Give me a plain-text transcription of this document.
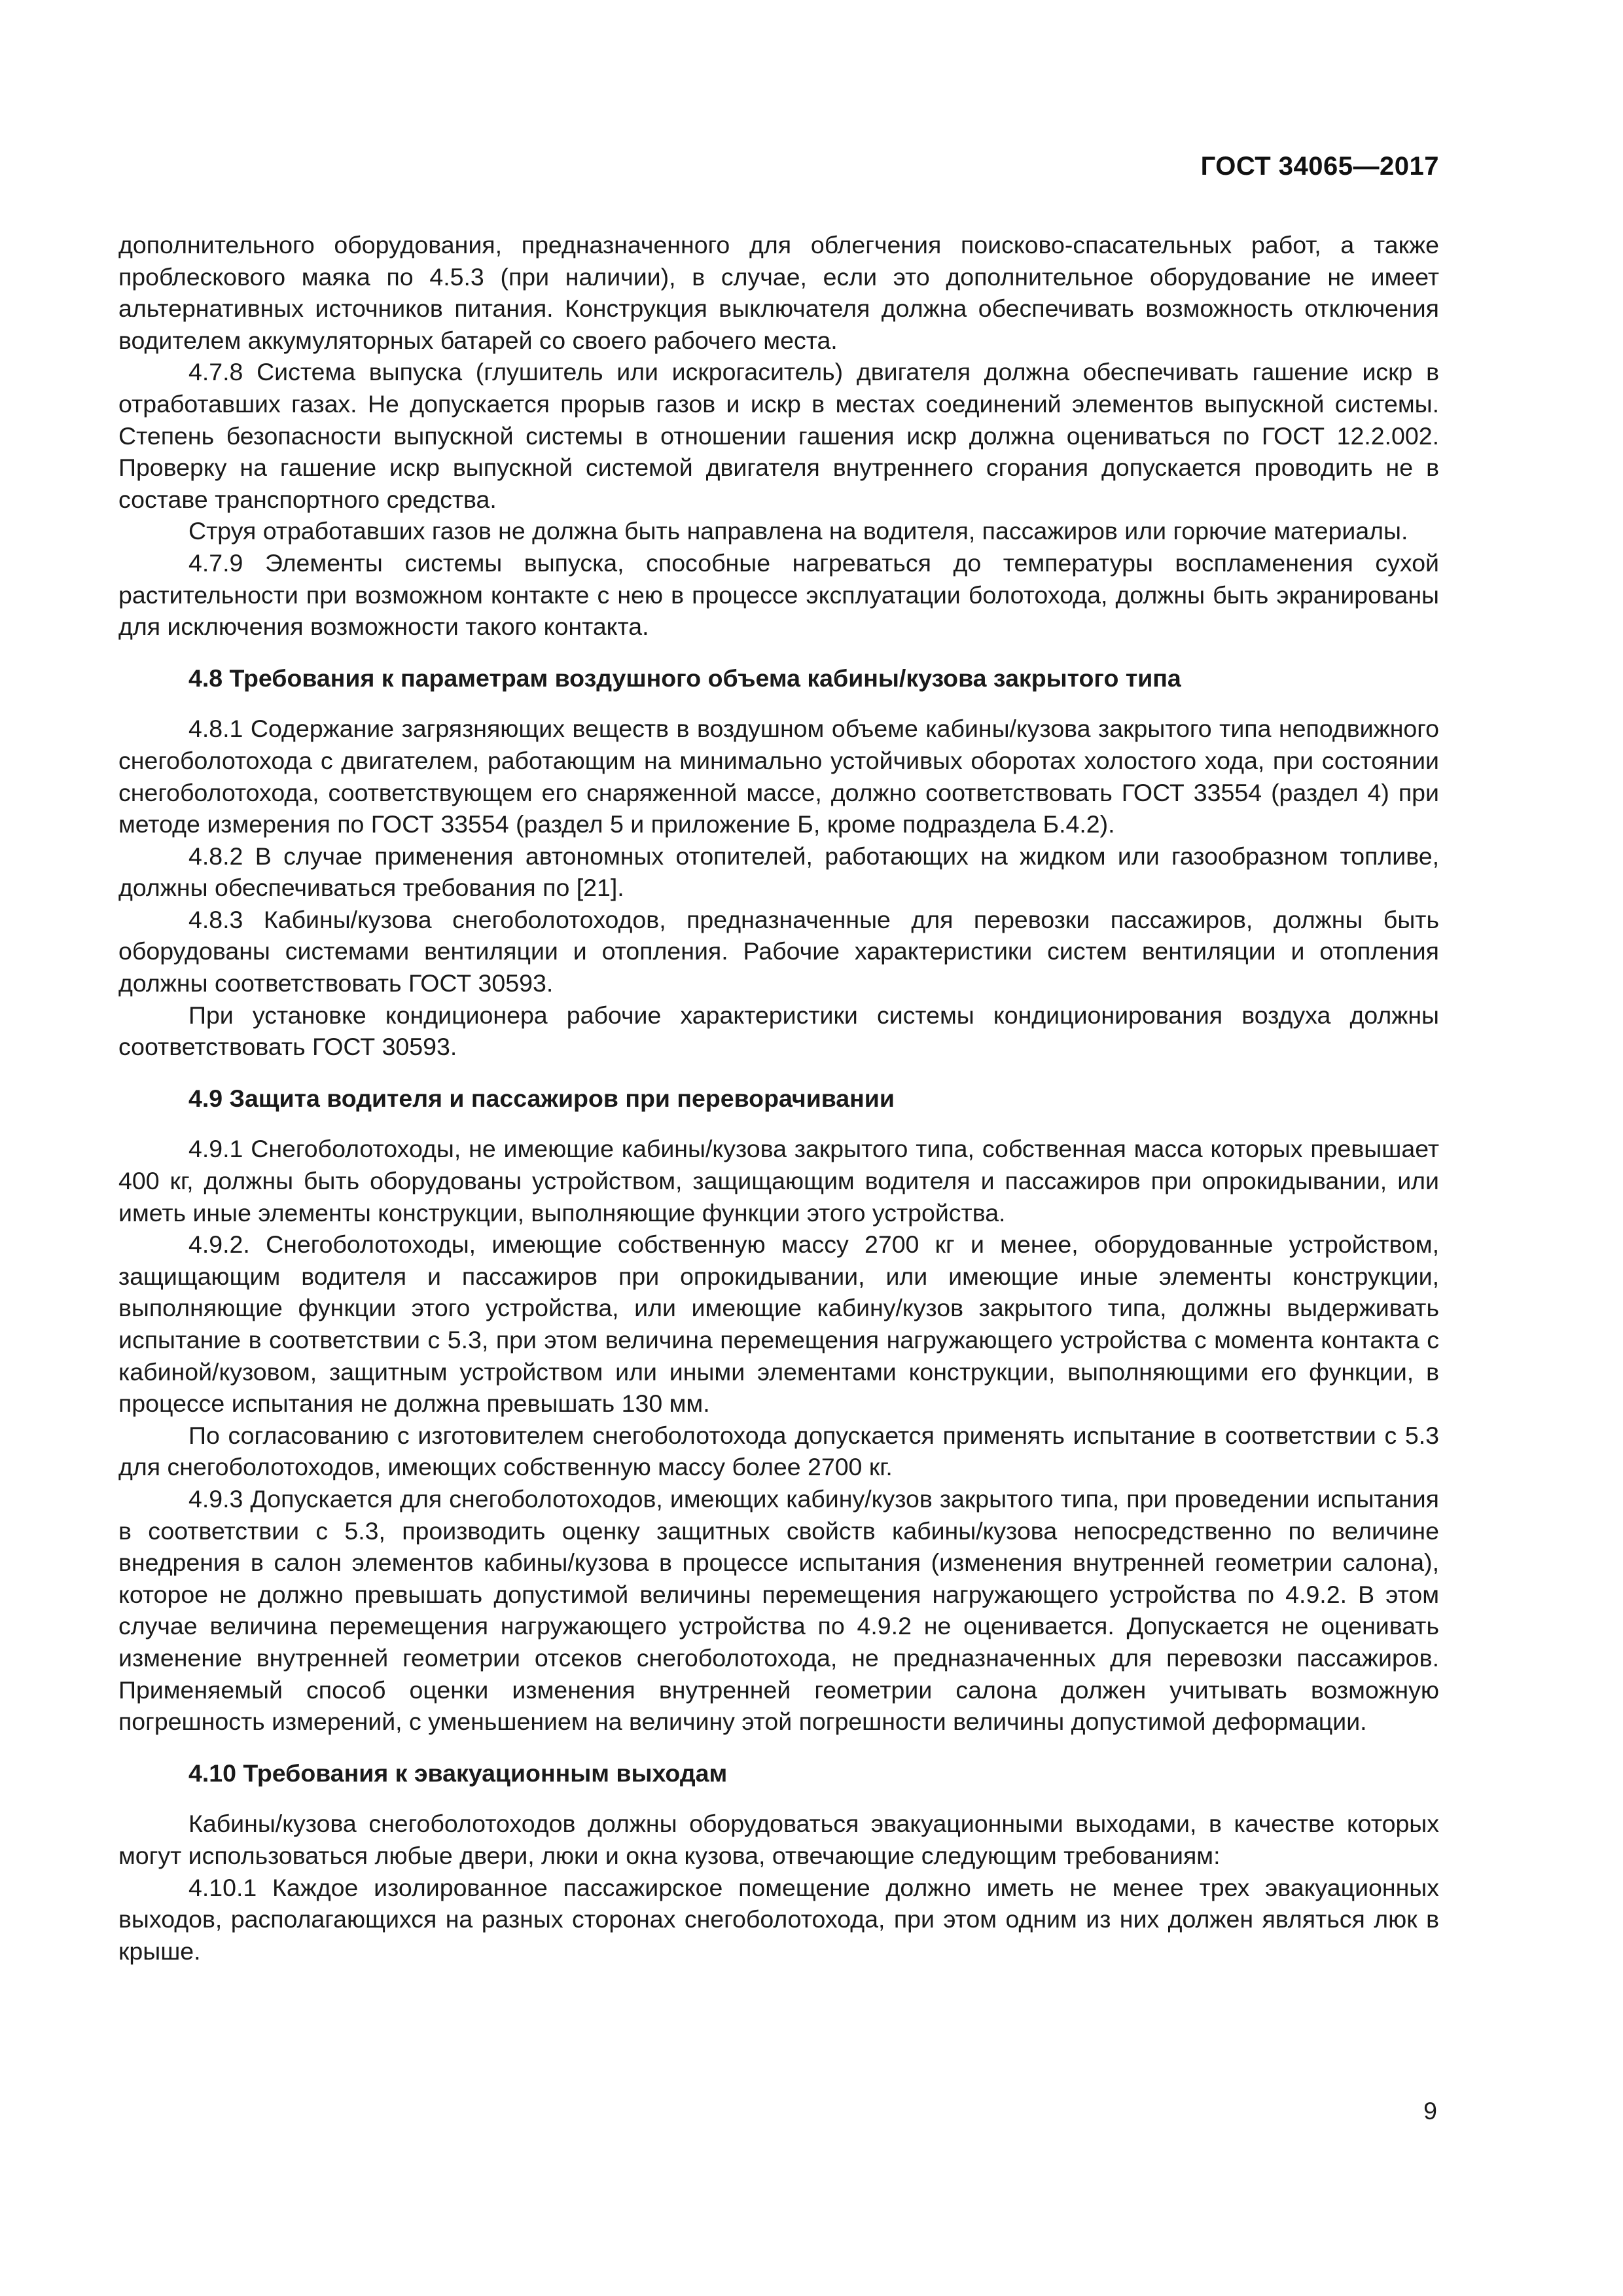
ГОСТ 34065—2017

дополнительного оборудования, предназначенного для облегчения поисково-спасательных работ, а также проблескового маяка по 4.5.3 (при наличии), в случае, если это дополнительное оборудование не имеет альтернативных источников питания. Конструкция выключателя должна обеспечивать возможность отключения водителем аккумуляторных батарей со своего рабочего места.

4.7.8 Система выпуска (глушитель или искрогаситель) двигателя должна обеспечивать гашение искр в отработавших газах. Не допускается прорыв газов и искр в местах соединений элементов выпускной системы. Степень безопасности выпускной системы в отношении гашения искр должна оцениваться по ГОСТ 12.2.002. Проверку на гашение искр выпускной системой двигателя внутреннего сгорания допускается проводить не в составе транспортного средства.

Струя отработавших газов не должна быть направлена на водителя, пассажиров или горючие материалы.

4.7.9 Элементы системы выпуска, способные нагреваться до температуры воспламенения сухой растительности при возможном контакте с нею в процессе эксплуатации болотохода, должны быть экранированы для исключения возможности такого контакта.

4.8 Требования к параметрам воздушного объема кабины/кузова закрытого типа

4.8.1 Содержание загрязняющих веществ в воздушном объеме кабины/кузова закрытого типа неподвижного снегоболотохода с двигателем, работающим на минимально устойчивых оборотах холостого хода, при состоянии снегоболотохода, соответствующем его снаряженной массе, должно соответствовать ГОСТ 33554 (раздел 4) при методе измерения по ГОСТ 33554 (раздел 5 и приложение Б, кроме подраздела Б.4.2).

4.8.2 В случае применения автономных отопителей, работающих на жидком или газообразном топливе, должны обеспечиваться требования по [21].

4.8.3 Кабины/кузова снегоболотоходов, предназначенные для перевозки пассажиров, должны быть оборудованы системами вентиляции и отопления. Рабочие характеристики систем вентиляции и отопления должны соответствовать ГОСТ 30593.

При установке кондиционера рабочие характеристики системы кондиционирования воздуха должны соответствовать ГОСТ 30593.

4.9 Защита водителя и пассажиров при переворачивании

4.9.1 Снегоболотоходы, не имеющие кабины/кузова закрытого типа, собственная масса которых превышает 400 кг, должны быть оборудованы устройством, защищающим водителя и пассажиров при опрокидывании, или иметь иные элементы конструкции, выполняющие функции этого устройства.

4.9.2. Снегоболотоходы, имеющие собственную массу 2700 кг и менее, оборудованные устройством, защищающим водителя и пассажиров при опрокидывании, или имеющие иные элементы конструкции, выполняющие функции этого устройства, или имеющие кабину/кузов закрытого типа, должны выдерживать испытание в соответствии с 5.3, при этом величина перемещения нагружающего устройства с момента контакта с кабиной/кузовом, защитным устройством или иными элементами конструкции, выполняющими его функции, в процессе испытания не должна превышать 130 мм.

По согласованию с изготовителем снегоболотохода допускается применять испытание в соответствии с 5.3 для снегоболотоходов, имеющих собственную массу более 2700 кг.

4.9.3 Допускается для снегоболотоходов, имеющих кабину/кузов закрытого типа, при проведении испытания в соответствии с 5.3, производить оценку защитных свойств кабины/кузова непосредственно по величине внедрения в салон элементов кабины/кузова в процессе испытания (изменения внутренней геометрии салона), которое не должно превышать допустимой величины перемещения нагружающего устройства по 4.9.2. В этом случае величина перемещения нагружающего устройства по 4.9.2 не оценивается. Допускается не оценивать изменение внутренней геометрии отсеков снегоболотохода, не предназначенных для перевозки пассажиров. Применяемый способ оценки изменения внутренней геометрии салона должен учитывать возможную погрешность измерений, с уменьшением на величину этой погрешности величины допустимой деформации.

4.10 Требования к эвакуационным выходам

Кабины/кузова снегоболотоходов должны оборудоваться эвакуационными выходами, в качестве которых могут использоваться любые двери, люки и окна кузова, отвечающие следующим требованиям:

4.10.1 Каждое изолированное пассажирское помещение должно иметь не менее трех эвакуационных выходов, располагающихся на разных сторонах снегоболотохода, при этом одним из них должен являться люк в крыше.

9
